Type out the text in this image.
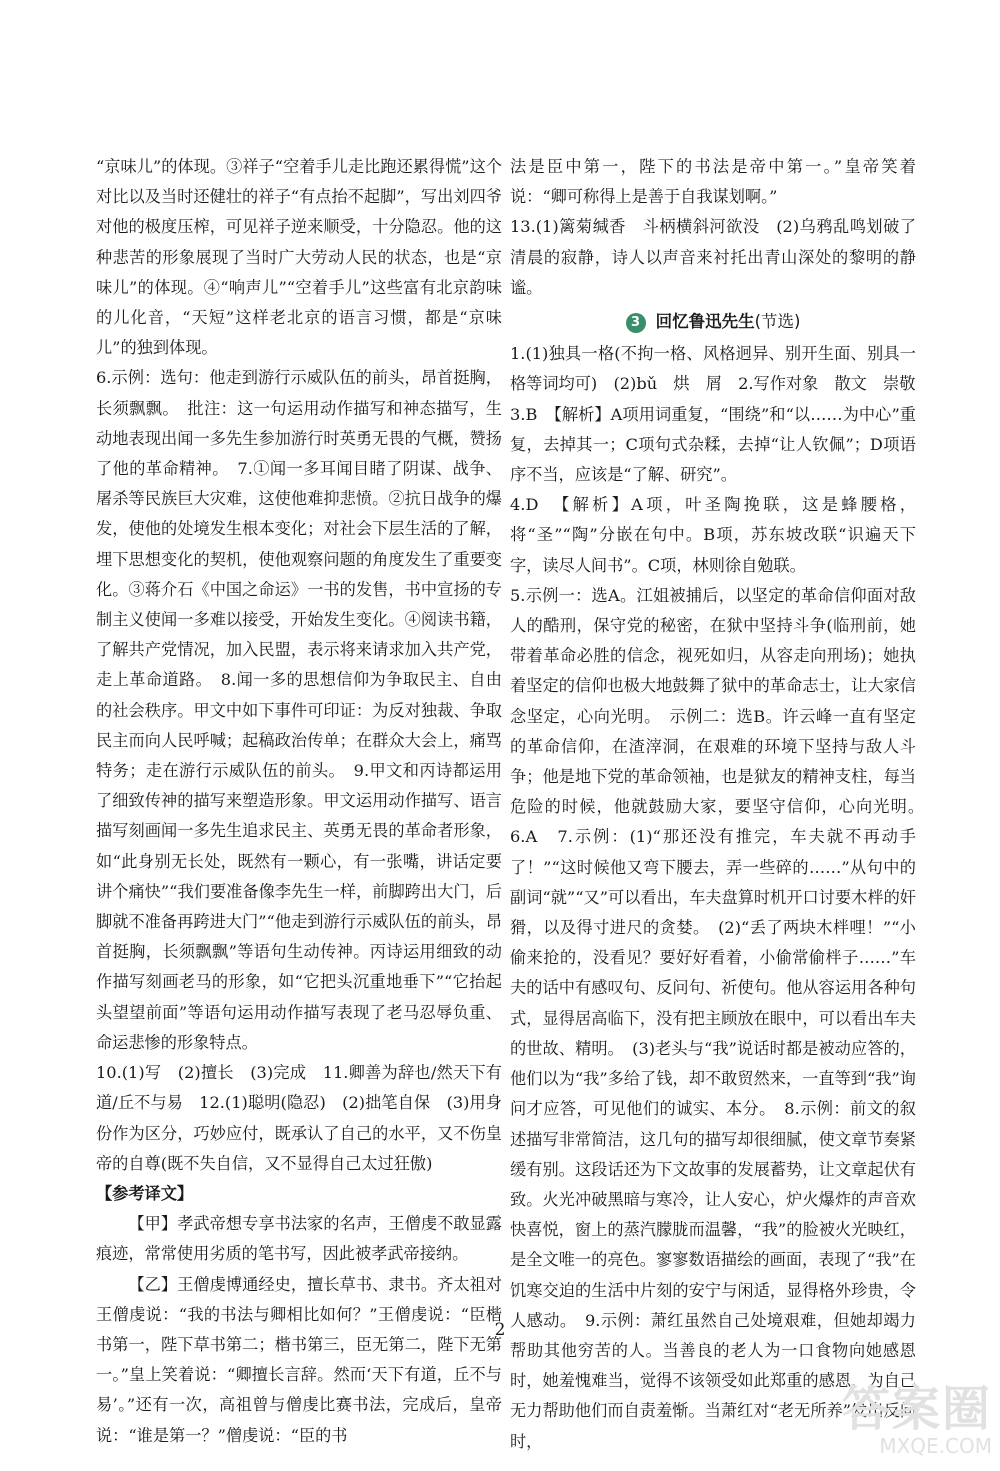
“京味儿”的体现。③祥子“空着手儿走比跑还累得慌”这个对比以及当时还健壮的祥子“有点抬不起脚”，写出刘四爷对他的极度压榨，可见祥子逆来顺受，十分隐忍。他的这种悲苦的形象展现了当时广大劳动人民的状态，也是“京味儿”的体现。④“响声儿”“空着手儿”这些富有北京韵味的儿化音，“天短”这样老北京的语言习惯，都是“京味儿”的独到体现。

6.示例：选句：他走到游行示威队伍的前头，昂首挺胸，长须飘飘。　批注：这一句运用动作描写和神态描写，生动地表现出闻一多先生参加游行时英勇无畏的气概，赞扬了他的革命精神。　7.①闻一多耳闻目睹了阴谋、战争、屠杀等民族巨大灾难，这使他难抑悲愤。②抗日战争的爆发，使他的处境发生根本变化；对社会下层生活的了解，埋下思想变化的契机，使他观察问题的角度发生了重要变化。③蒋介石《中国之命运》一书的发售，书中宣扬的专制主义使闻一多难以接受，开始发生变化。④阅读书籍，了解共产党情况，加入民盟，表示将来请求加入共产党，走上革命道路。　8.闻一多的思想信仰为争取民主、自由的社会秩序。甲文中如下事件可印证：为反对独裁、争取民主而向人民呼喊；起稿政治传单；在群众大会上，痛骂特务；走在游行示威队伍的前头。　9.甲文和丙诗都运用了细致传神的描写来塑造形象。甲文运用动作描写、语言描写刻画闻一多先生追求民主、英勇无畏的革命者形象，如“此身别无长处，既然有一颗心，有一张嘴，讲话定要讲个痛快”“我们要准备像李先生一样，前脚跨出大门，后脚就不准备再跨进大门”“他走到游行示威队伍的前头，昂首挺胸，长须飘飘”等语句生动传神。丙诗运用细致的动作描写刻画老马的形象，如“它把头沉重地垂下”“它抬起头望望前面”等语句运用动作描写表现了老马忍辱负重、命运悲惨的形象特点。

10.(1)写　(2)擅长　(3)完成　11.卿善为辞也/然天下有道/丘不与易　12.(1)聪明(隐忍)　(2)拙笔自保　(3)用身份作为区分，巧妙应付，既承认了自己的水平，又不伤皇帝的自尊(既不失自信，又不显得自己太过狂傲)

【参考译文】

【甲】孝武帝想专享书法家的名声，王僧虔不敢显露痕迹，常常使用劣质的笔书写，因此被孝武帝接纳。

【乙】王僧虔博通经史，擅长草书、隶书。齐太祖对王僧虔说：“我的书法与卿相比如何？”王僧虔说：“臣楷书第一，陛下草书第二；楷书第三，臣无第二，陛下无第一。”皇上笑着说：“卿擅长言辞。然而‘天下有道，丘不与易’。”还有一次，高祖曾与僧虔比赛书法，完成后，皇帝说：“谁是第一？”僧虔说：“臣的书

法是臣中第一，陛下的书法是帝中第一。”皇帝笑着说：“卿可称得上是善于自我谋划啊。”

13.(1)篱菊缄香　斗柄横斜河欲没　(2)乌鸦乱鸣划破了清晨的寂静，诗人以声音来衬托出青山深处的黎明的静谧。

3 回忆鲁迅先生(节选)

1.(1)独具一格(不拘一格、风格迥异、别开生面、别具一格等词均可)　(2)bǔ　烘　屑　2.写作对象　散文　崇敬

3.B　【解析】A项用词重复，“围绕”和“以……为中心”重复，去掉其一；C项句式杂糅，去掉“让人钦佩”；D项语序不当，应该是“了解、研究”。

4.D　【解析】A项，叶圣陶挽联，这是蜂腰格，将“圣”“陶”分嵌在句中。B项，苏东坡改联“识遍天下字，读尽人间书”。C项，林则徐自勉联。

5.示例一：选A。江姐被捕后，以坚定的革命信仰面对敌人的酷刑，保守党的秘密，在狱中坚持斗争(临刑前，她带着革命必胜的信念，视死如归，从容走向刑场)；她执着坚定的信仰也极大地鼓舞了狱中的革命志士，让大家信念坚定，心向光明。　示例二：选B。许云峰一直有坚定的革命信仰，在渣滓洞，在艰难的环境下坚持与敌人斗争；他是地下党的革命领袖，也是狱友的精神支柱，每当危险的时候，他就鼓励大家，要坚守信仰，心向光明。　6.A　7.示例：(1)“那还没有推完，车夫就不再动手了！”“这时候他又弯下腰去，弄一些碎的……”从句中的副词“就”“又”可以看出，车夫盘算时机开口讨要木柈的奸猾，以及得寸进尺的贪婪。　(2)“丢了两块木柈哩！”“小偷来抢的，没看见？要好好看着，小偷常偷柈子……”车夫的话中有感叹句、反问句、祈使句。他从容运用各种句式，显得居高临下，没有把主顾放在眼中，可以看出车夫的世故、精明。　(3)老头与“我”说话时都是被动应答的，他们以为“我”多给了钱，却不敢贸然来，一直等到“我”询问才应答，可见他们的诚实、本分。　8.示例：前文的叙述描写非常简洁，这几句的描写却很细腻，使文章节奏紧缓有别。这段话还为下文故事的发展蓄势，让文章起伏有致。火光冲破黑暗与寒冷，让人安心，炉火爆炸的声音欢快喜悦，窗上的蒸汽朦胧而温馨，“我”的脸被火光映红，是全文唯一的亮色。寥寥数语描绘的画面，表现了“我”在饥寒交迫的生活中片刻的安宁与闲适，显得格外珍贵，令人感动。　9.示例：萧红虽然自己处境艰难，但她却竭力帮助其他穷苦的人。当善良的老人为一口食物向她感恩时，她羞愧难当，觉得不该领受如此郑重的感恩，为自己无力帮助他们而自责羞惭。当萧红对“老无所养”发出反问时，

2
答案圈
MXQE.COM
